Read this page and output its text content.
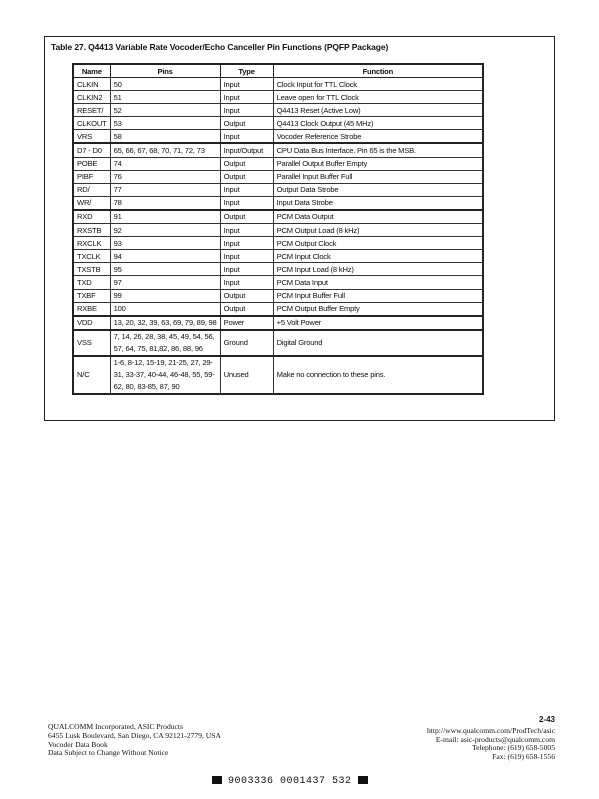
Table 27. Q4413 Variable Rate Vocoder/Echo Canceller Pin Functions (PQFP Package)
Name	Pins	Type	Function
CLKIN	50	Input	Clock Input for TTL Clock
CLKIN2	51	Input	Leave open for TTL Clock
RESET/	52	Input	Q4413 Reset (Active Low)
CLKOUT	53	Output	Q4413 Clock Output (45 MHz)
VRS	58	Input	Vocoder Reference Strobe
D7 - D0	65, 66, 67, 68, 70, 71, 72, 73	Input/Output	CPU Data Bus Interface. Pin 65 is the MSB.
POBE	74	Output	Parallel Output Buffer Empty
PIBF	76	Output	Parallel Input Buffer Full
RD/	77	Input	Output Data Strobe
WR/	78	Input	Input Data Strobe
RXD	91	Output	PCM Data Output
RXSTB	92	Input	PCM Output Load (8 kHz)
RXCLK	93	Input	PCM Output Clock
TXCLK	94	Input	PCM Input Clock
TXSTB	95	Input	PCM Input Load (8 kHz)
TXD	97	Input	PCM Data Input
TXBF	99	Output	PCM Input Buffer Full
RXBE	100	Output	PCM Output Buffer Empty
VDD	13, 20, 32, 39, 63, 69, 79, 89, 98	Power	+5 Volt Power
VSS	7, 14, 26, 28, 38, 45, 49, 54, 56, 57, 64, 75, 81,82, 86, 88, 96	Ground	Digital Ground
N/C	1-6, 8-12, 15-19, 21-25, 27, 29-31, 33-37, 40-44, 46-48, 55, 59-62, 80, 83-85, 87, 90	Unused	Make no connection to these pins.
QUALCOMM Incorporated, ASIC Products
6455 Lusk Boulevard, San Diego, CA 92121-2779, USA
Vocoder Data Book
Data Subject to Change Without Notice
2-43
http://www.qualcomm.com/ProdTech/asic
E-mail: asic-products@qualcomm.com
Telephone: (619) 658-5005
Fax: (619) 658-1556
9003336 0001437 532
